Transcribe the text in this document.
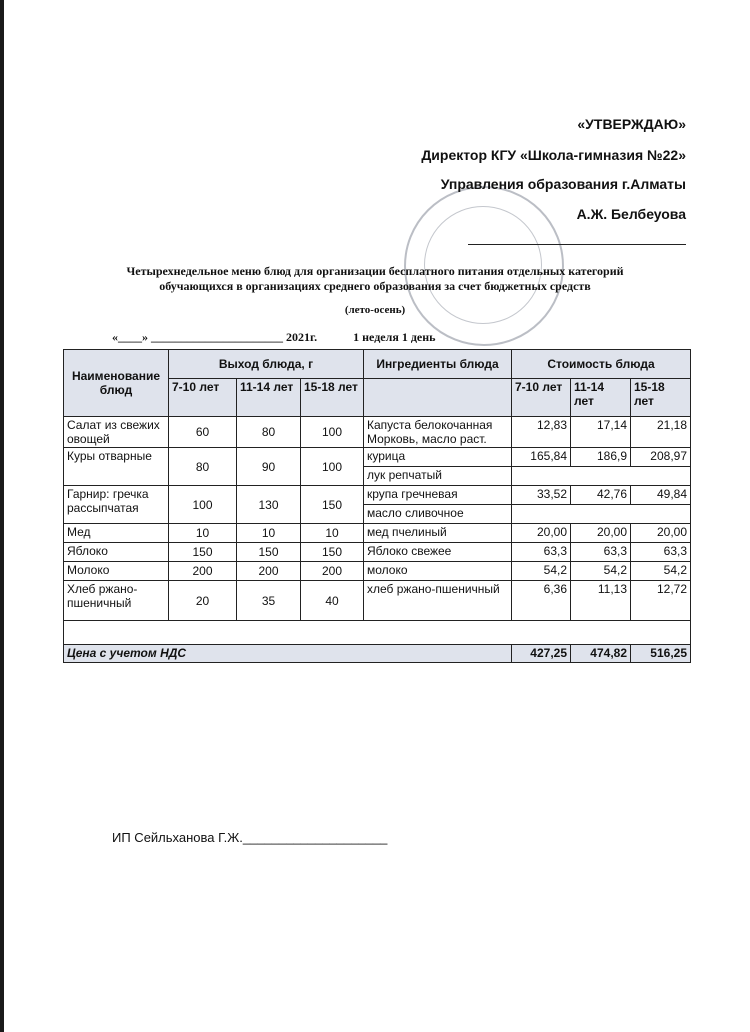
«УТВЕРЖДАЮ»
Директор КГУ «Школа-гимназия №22»
Управления образования г.Алматы
А.Ж. Белбеуова
Четырехнедельное меню блюд для организации бесплатного питания отдельных категорий
обучающихся в организациях среднего образования за счет бюджетных средств
(лето-осень)
«____» ______________________ 2021г.	1 неделя 1 день
Наименование блюд	Выход блюда, г			Ингредиенты блюда	Стоимость блюда		
	7-10 лет	11-14 лет	15-18 лет		7-10 лет	11-14 лет	15-18 лет
Салат из свежих овощей	60	80	100	Капуста белокочанная Морковь, масло раст.	12,83	17,14	21,18
Куры отварные	80	90	100	курица	165,84	186,9	208,97
				лук репчатый			
Гарнир: гречка рассыпчатая	100	130	150	крупа гречневая	33,52	42,76	49,84
				масло сливочное			
Мед	10	10	10	мед пчелиный	20,00	20,00	20,00
Яблоко	150	150	150	Яблоко свежее	63,3	63,3	63,3
Молоко	200	200	200	молоко	54,2	54,2	54,2
Хлеб ржано-пшеничный	20	35	40	хлеб ржано-пшеничный	6,36	11,13	12,72

Цена с учетом НДС					427,25	474,82	516,25
ИП Сейльханова Г.Ж.____________________
